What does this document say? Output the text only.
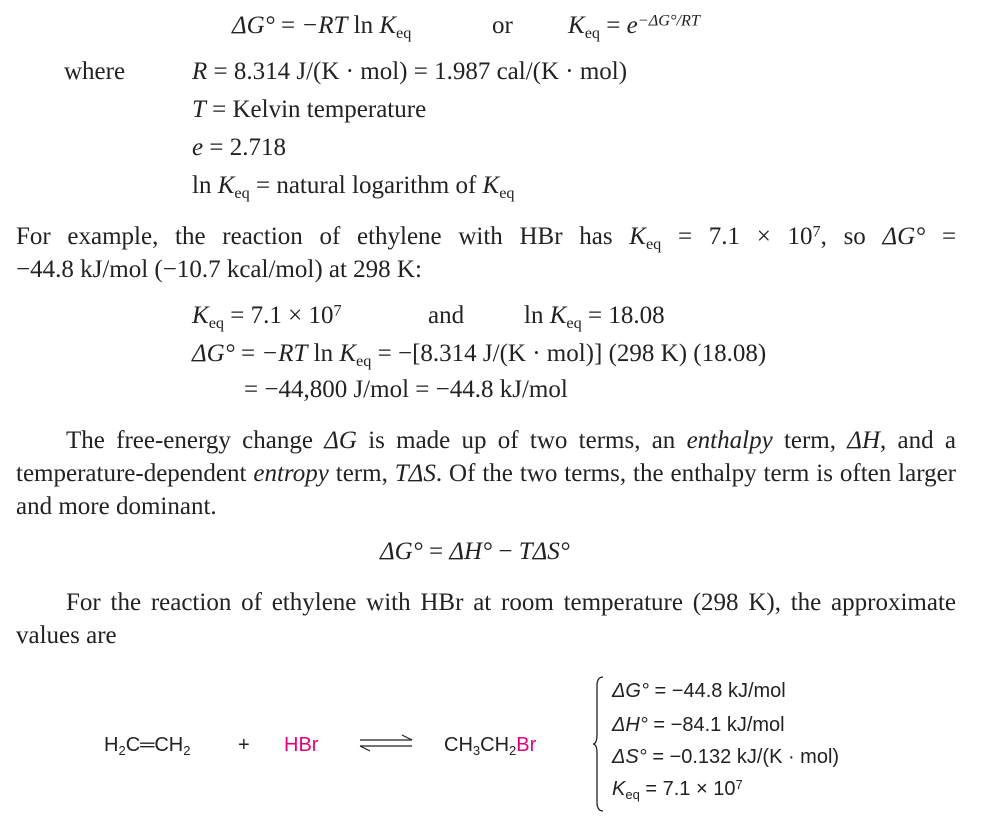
ΔG° = −RT $\ln K_{eq}$	or $K_{eq} = e^{-\Delta G^\circ/RT}$
where	R = 8.314 J/(K · mol) = 1.987 cal/(K · mol)
T = Kelvin temperature
e = 2.718
$\ln K_{eq}$ = natural logarithm of $K_{eq}$
For example, the reaction of ethylene with HBr has $K_{eq} = 7.1 \times 10^7$, so ΔG° =
−44.8 kJ/mol (−10.7 kcal/mol) at 298 K:
$K_{eq} = 7.1 \times 10^7$	and $\ln K_{eq} = 18.08$
ΔG° = −RT $\ln K_{eq} = -[8.314$ J/(K · mol)] (298 K) (18.08)
= −44,800 J/mol = −44.8 kJ/mol
The free-energy change ΔG is made up of two terms, an enthalpy term, ΔH, and a temperature-dependent entropy term, TΔS. Of the two terms, the enthalpy term is often larger and more dominant.
ΔG° = ΔH° − TΔS°
For the reaction of ethylene with HBr at room temperature (298 K), the approximate values are
$H_2C═CH_2$ + HBr	$CH_3CH_2Br$
ΔG° = −44.8 kJ/mol
ΔH° = −84.1 kJ/mol
ΔS° = −0.132 kJ/(K · mol)
$K_{eq} = 7.1 \times 10^7$
